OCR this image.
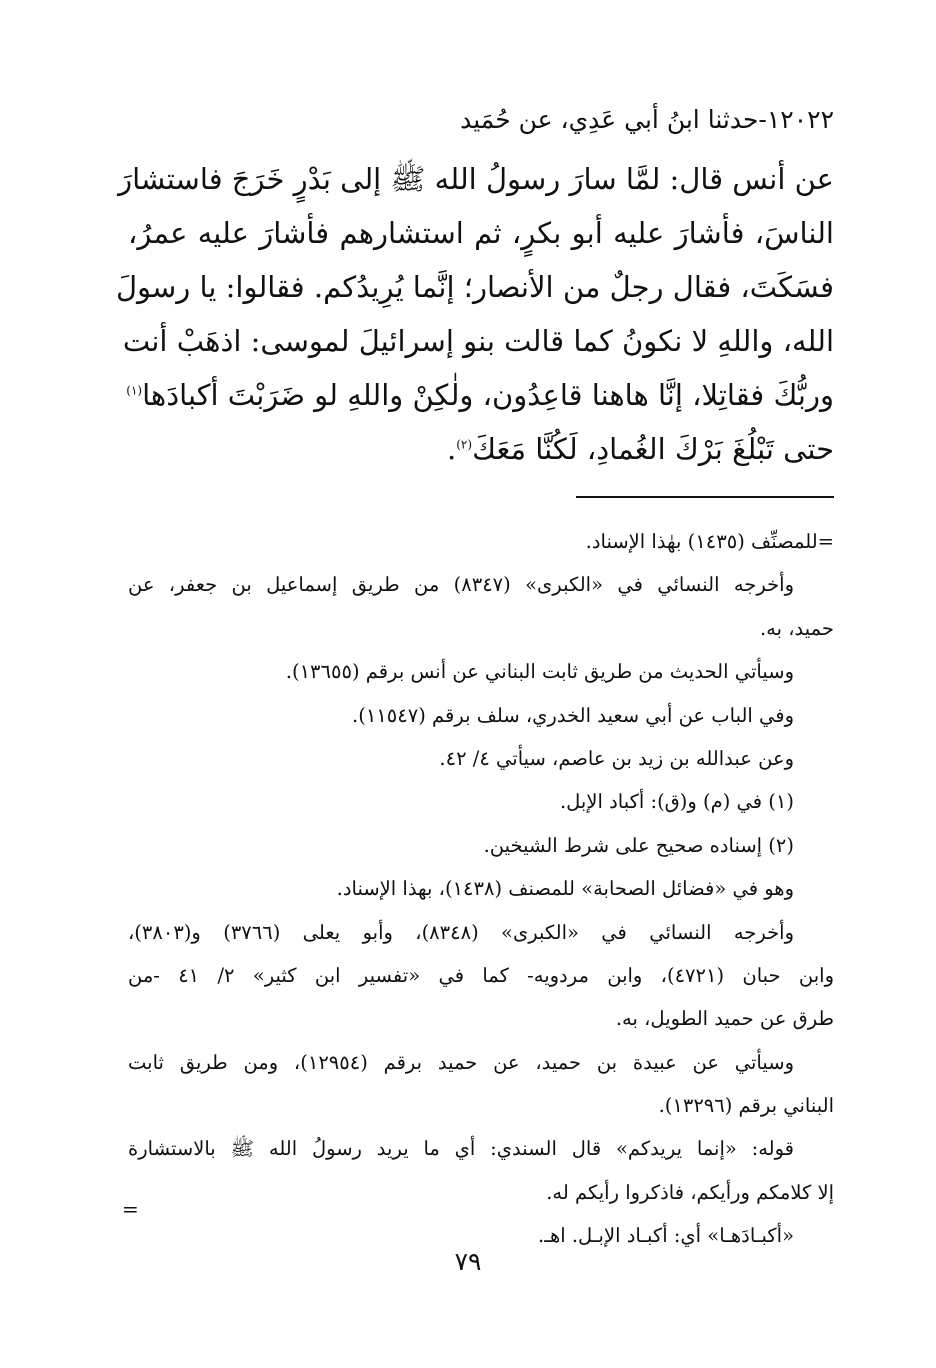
١٢٠٢٢-حدثنا ابنُ أبي عَدِي، عن حُمَيد
عن أنس قال: لمَّا سارَ رسولُ الله ﷺ إلى بَدْرٍ خَرَجَ فاستشارَ
الناسَ، فأشارَ عليه أبو بكرٍ، ثم استشارهم فأشارَ عليه عمرُ،
فسَكَتَ، فقال رجلٌ من الأنصار؛ إنَّما يُرِيدُكم. فقالوا: يا رسولَ
الله، واللهِ لا نكونُ كما قالت بنو إسرائيلَ لموسى: اذهَبْ أنت
وربُّكَ فقاتِلا، إنَّا هاهنا قاعِدُون، ولٰكِنْ واللهِ لو ضَرَبْتَ أكبادَها$^{(١)}$
حتى تَبْلُغَ بَرْكَ الغُمادِ، لَكُنَّا مَعَكَ$^{(٢)}$.
=للمصنِّف (١٤٣٥) بهٰذا الإسناد.
وأخرجه النسائي في «الكبرى» (٨٣٤٧) من طريق إسماعيل بن جعفر، عن
حميد، به.
وسيأتي الحديث من طريق ثابت البناني عن أنس برقم (١٣٦٥٥).
وفي الباب عن أبي سعيد الخدري، سلف برقم (١١٥٤٧).
وعن عبدالله بن زيد بن عاصم، سيأتي ٤/ ٤٢.
(١) في (م) و(ق): أكباد الإبل.
(٢) إسناده صحيح على شرط الشيخين.
وهو في «فضائل الصحابة» للمصنف (١٤٣٨)، بهذا الإسناد.
وأخرجه النسائي في «الكبرى» (٨٣٤٨)، وأبو يعلى (٣٧٦٦) و(٣٨٠٣)،
وابن حبان (٤٧٢١)، وابن مردويه- كما في «تفسير ابن كثير» ٢/ ٤١ -من
طرق عن حميد الطويل، به.
وسيأتي عن عبيدة بن حميد، عن حميد برقم (١٢٩٥٤)، ومن طريق ثابت
البناني برقم (١٣٢٩٦).
قوله: «إنما يريدكم» قال السندي: أي ما يريد رسولُ الله ﷺ بالاستشارة
إلا كلامكم ورأيكم، فاذكروا رأيكم له.
«أكبـادَهـا» أي: أكبـاد الإبـل. اهـ.
=
٧٩
